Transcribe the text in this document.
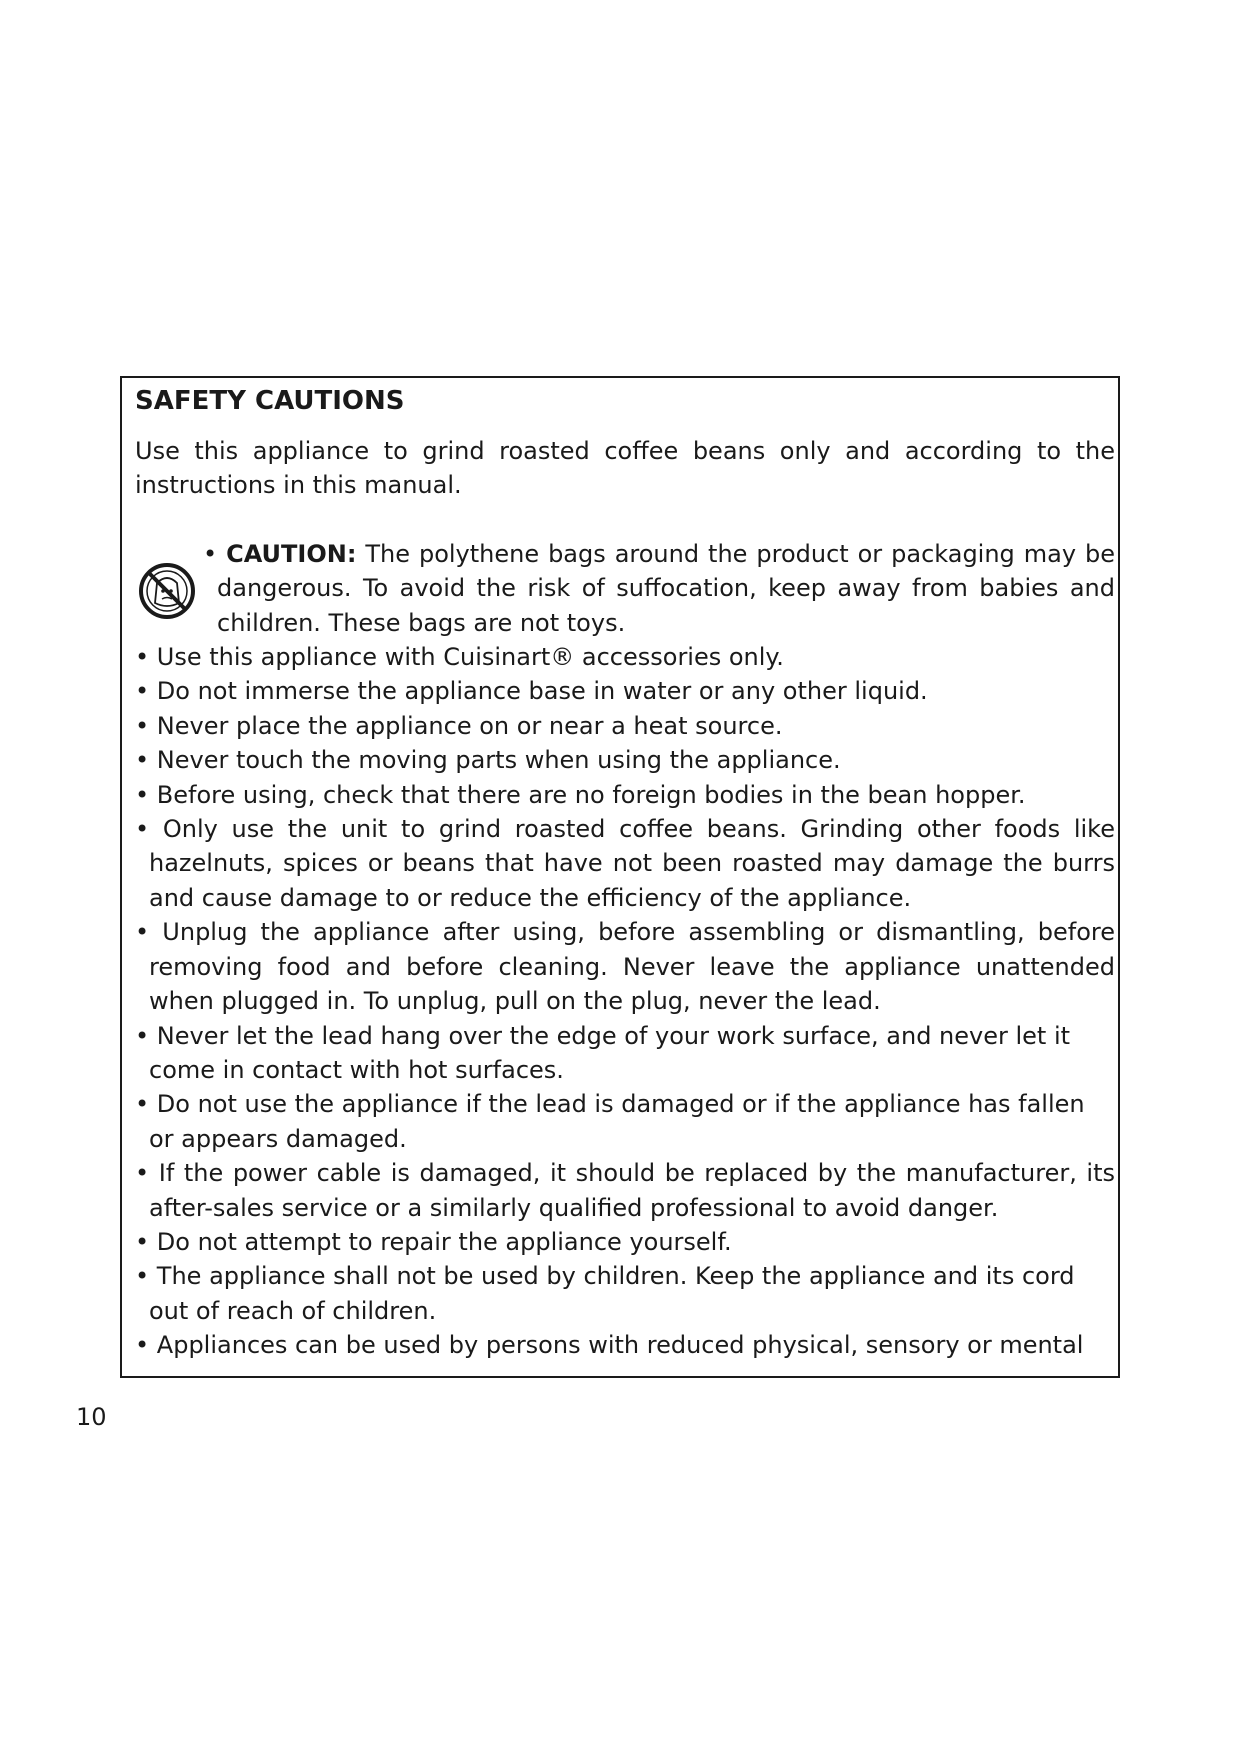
SAFETY CAUTIONS

Use this appliance to grind roasted coffee beans only and according to the instructions in this manual.

• CAUTION: The polythene bags around the product or packaging may be dangerous. To avoid the risk of suffocation, keep away from babies and children. These bags are not toys.

• Use this appliance with Cuisinart® accessories only.
• Do not immerse the appliance base in water or any other liquid.
• Never place the appliance on or near a heat source.
• Never touch the moving parts when using the appliance.
• Before using, check that there are no foreign bodies in the bean hopper.
• Only use the unit to grind roasted coffee beans. Grinding other foods like hazelnuts, spices or beans that have not been roasted may damage the burrs and cause damage to or reduce the efficiency of the appliance.
• Unplug the appliance after using, before assembling or dismantling, before removing food and before cleaning. Never leave the appliance unattended when plugged in. To unplug, pull on the plug, never the lead.
• Never let the lead hang over the edge of your work surface, and never let it come in contact with hot surfaces.
• Do not use the appliance if the lead is damaged or if the appliance has fallen or appears damaged.
• If the power cable is damaged, it should be replaced by the manufacturer, its after-sales service or a similarly qualified professional to avoid danger.
• Do not attempt to repair the appliance yourself.
• The appliance shall not be used by children. Keep the appliance and its cord out of reach of children.
• Appliances can be used by persons with reduced physical, sensory or mental
10
